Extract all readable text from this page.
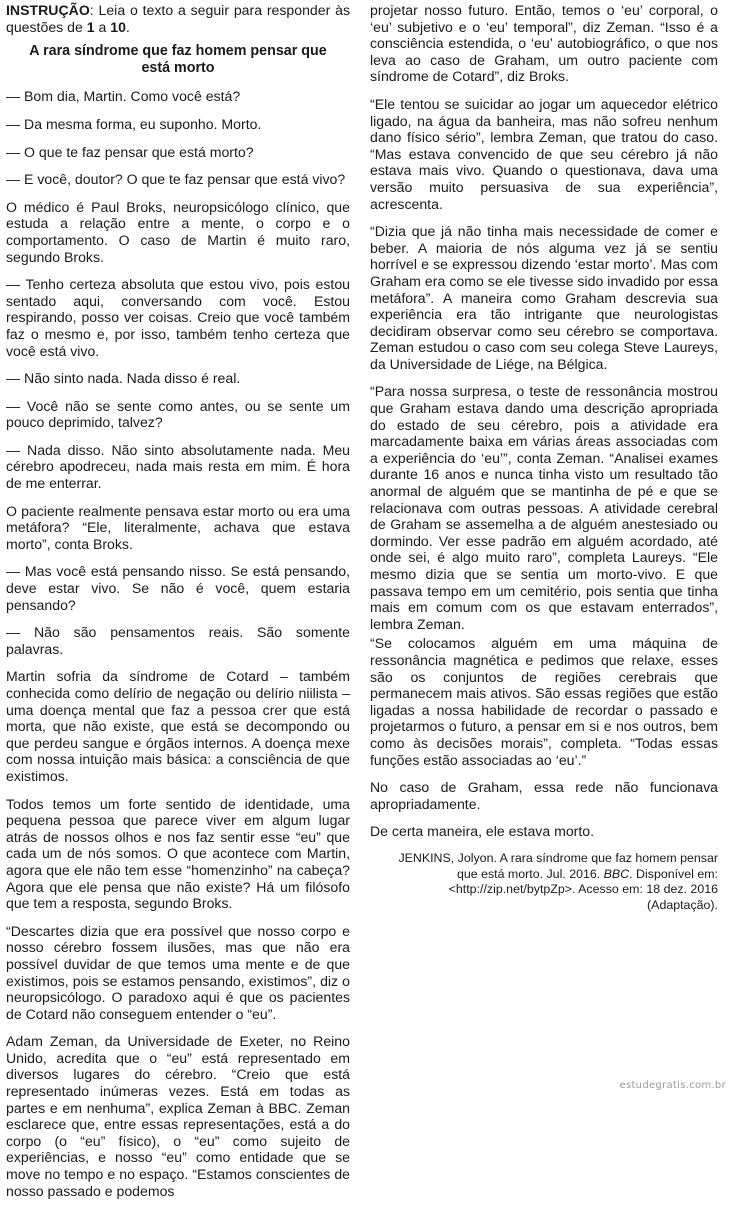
INSTRUÇÃO: Leia o texto a seguir para responder às questões de 1 a 10.

A rara síndrome que faz homem pensar que está morto

— Bom dia, Martin. Como você está?

— Da mesma forma, eu suponho. Morto.

— O que te faz pensar que está morto?

— E você, doutor? O que te faz pensar que está vivo?

O médico é Paul Broks, neuropsicólogo clínico, que estuda a relação entre a mente, o corpo e o comportamento. O caso de Martin é muito raro, segundo Broks.

— Tenho certeza absoluta que estou vivo, pois estou sentado aqui, conversando com você. Estou respirando, posso ver coisas. Creio que você também faz o mesmo e, por isso, também tenho certeza que você está vivo.

— Não sinto nada. Nada disso é real.

— Você não se sente como antes, ou se sente um pouco deprimido, talvez?

— Nada disso. Não sinto absolutamente nada. Meu cérebro apodreceu, nada mais resta em mim. É hora de me enterrar.

O paciente realmente pensava estar morto ou era uma metáfora? “Ele, literalmente, achava que estava morto”, conta Broks.

— Mas você está pensando nisso. Se está pensando, deve estar vivo. Se não é você, quem estaria pensando?

— Não são pensamentos reais. São somente palavras.

Martin sofria da síndrome de Cotard – também conhecida como delírio de negação ou delírio niilista – uma doença mental que faz a pessoa crer que está morta, que não existe, que está se decompondo ou que perdeu sangue e órgãos internos. A doença mexe com nossa intuição mais básica: a consciência de que existimos.

Todos temos um forte sentido de identidade, uma pequena pessoa que parece viver em algum lugar atrás de nossos olhos e nos faz sentir esse “eu” que cada um de nós somos. O que acontece com Martin, agora que ele não tem esse “homenzinho” na cabeça? Agora que ele pensa que não existe? Há um filósofo que tem a resposta, segundo Broks.

“Descartes dizia que era possível que nosso corpo e nosso cérebro fossem ilusões, mas que não era possível duvidar de que temos uma mente e de que existimos, pois se estamos pensando, existimos”, diz o neuropsicólogo. O paradoxo aqui é que os pacientes de Cotard não conseguem entender o “eu”.

Adam Zeman, da Universidade de Exeter, no Reino Unido, acredita que o “eu” está representado em diversos lugares do cérebro. “Creio que está representado inúmeras vezes. Está em todas as partes e em nenhuma”, explica Zeman à BBC. Zeman esclarece que, entre essas representações, está a do corpo (o “eu” físico), o “eu” como sujeito de experiências, e nosso “eu” como entidade que se move no tempo e no espaço. “Estamos conscientes de nosso passado e podemos

projetar nosso futuro. Então, temos o ‘eu’ corporal, o ‘eu’ subjetivo e o ‘eu’ temporal”, diz Zeman. “Isso é a consciência estendida, o ‘eu’ autobiográfico, o que nos leva ao caso de Graham, um outro paciente com síndrome de Cotard”, diz Broks.

“Ele tentou se suicidar ao jogar um aquecedor elétrico ligado, na água da banheira, mas não sofreu nenhum dano físico sério”, lembra Zeman, que tratou do caso. “Mas estava convencido de que seu cérebro já não estava mais vivo. Quando o questionava, dava uma versão muito persuasiva de sua experiência”, acrescenta.

“Dizia que já não tinha mais necessidade de comer e beber. A maioria de nós alguma vez já se sentiu horrível e se expressou dizendo ‘estar morto’. Mas com Graham era como se ele tivesse sido invadido por essa metáfora”. A maneira como Graham descrevia sua experiência era tão intrigante que neurologistas decidiram observar como seu cérebro se comportava. Zeman estudou o caso com seu colega Steve Laureys, da Universidade de Liége, na Bélgica.

“Para nossa surpresa, o teste de ressonância mostrou que Graham estava dando uma descrição apropriada do estado de seu cérebro, pois a atividade era marcadamente baixa em várias áreas associadas com a experiência do ‘eu’”, conta Zeman. “Analisei exames durante 16 anos e nunca tinha visto um resultado tão anormal de alguém que se mantinha de pé e que se relacionava com outras pessoas. A atividade cerebral de Graham se assemelha a de alguém anestesiado ou dormindo. Ver esse padrão em alguém acordado, até onde sei, é algo muito raro”, completa Laureys. “Ele mesmo dizia que se sentia um morto-vivo. E que passava tempo em um cemitério, pois sentia que tinha mais em comum com os que estavam enterrados”, lembra Zeman.

“Se colocamos alguém em uma máquina de ressonância magnética e pedimos que relaxe, esses são os conjuntos de regiões cerebrais que permanecem mais ativos. São essas regiões que estão ligadas a nossa habilidade de recordar o passado e projetarmos o futuro, a pensar em si e nos outros, bem como às decisões morais”, completa. “Todas essas funções estão associadas ao ‘eu’.”

No caso de Graham, essa rede não funcionava apropriadamente.

De certa maneira, ele estava morto.

JENKINS, Jolyon. A rara síndrome que faz homem pensar que está morto. Jul. 2016. BBC. Disponível em: <http://zip.net/bytpZp>. Acesso em: 18 dez. 2016 (Adaptação).

estudegratis.com.br
